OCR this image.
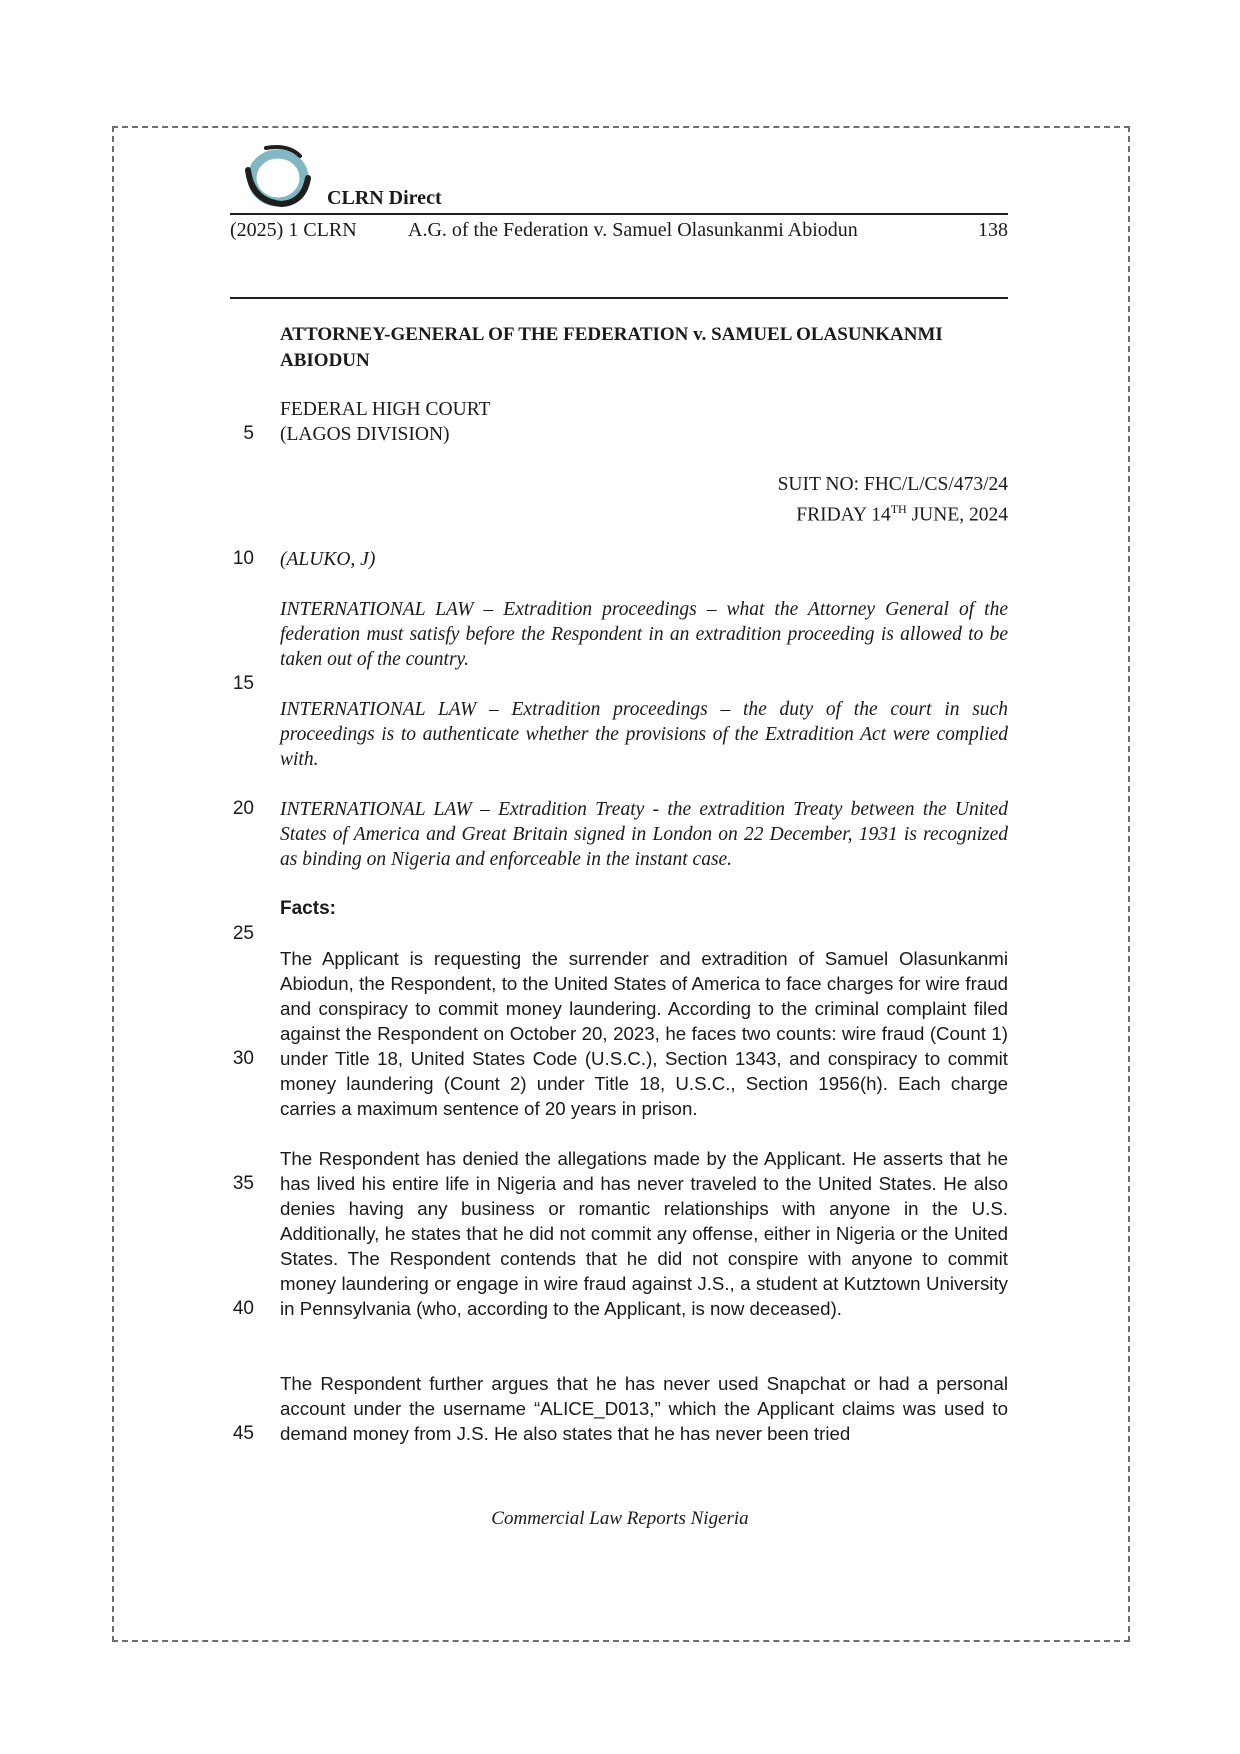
CLRN Direct
(2025) 1 CLRN	A.G. of the Federation v. Samuel Olasunkanmi Abiodun	138
ATTORNEY-GENERAL OF THE FEDERATION v. SAMUEL OLASUNKANMI ABIODUN
FEDERAL HIGH COURT
(LAGOS DIVISION)
SUIT NO: FHC/L/CS/473/24
FRIDAY 14TH JUNE, 2024
(ALUKO, J)
INTERNATIONAL LAW – Extradition proceedings – what the Attorney General of the federation must satisfy before the Respondent in an extradition proceeding is allowed to be taken out of the country.
INTERNATIONAL LAW – Extradition proceedings – the duty of the court in such proceedings is to authenticate whether the provisions of the Extradition Act were complied with.
INTERNATIONAL LAW – Extradition Treaty - the extradition Treaty between the United States of America and Great Britain signed in London on 22 December, 1931 is recognized as binding on Nigeria and enforceable in the instant case.
Facts:
The Applicant is requesting the surrender and extradition of Samuel Olasunkanmi Abiodun, the Respondent, to the United States of America to face charges for wire fraud and conspiracy to commit money laundering. According to the criminal complaint filed against the Respondent on October 20, 2023, he faces two counts: wire fraud (Count 1) under Title 18, United States Code (U.S.C.), Section 1343, and conspiracy to commit money laundering (Count 2) under Title 18, U.S.C., Section 1956(h). Each charge carries a maximum sentence of 20 years in prison.
The Respondent has denied the allegations made by the Applicant. He asserts that he has lived his entire life in Nigeria and has never traveled to the United States. He also denies having any business or romantic relationships with anyone in the U.S. Additionally, he states that he did not commit any offense, either in Nigeria or the United States. The Respondent contends that he did not conspire with anyone to commit money laundering or engage in wire fraud against J.S., a student at Kutztown University in Pennsylvania (who, according to the Applicant, is now deceased).
The Respondent further argues that he has never used Snapchat or had a personal account under the username “ALICE_D013,” which the Applicant claims was used to demand money from J.S. He also states that he has never been tried
5
10
15
20
25
30
35
40
45
Commercial Law Reports Nigeria
